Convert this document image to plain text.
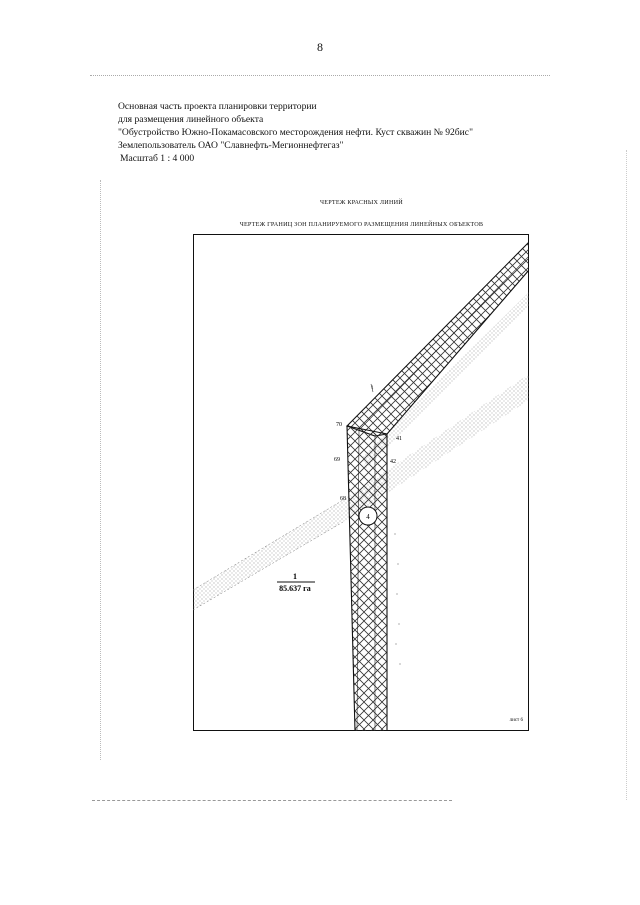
8
Основная часть проекта планировки территории
для размещения линейного объекта
"Обустройство Южно-Покамасовского месторождения нефти. Куст скважин № 92бис"
Землепользователь ОАО "Славнефть-Мегионнефтегаз"
Масштаб 1 : 4 000
ЧЕРТЕЖ КРАСНЫХ ЛИНИЙ
ЧЕРТЕЖ ГРАНИЦ ЗОН ПЛАНИРУЕМОГО РАЗМЕЩЕНИЯ ЛИНЕЙНЫХ ОБЪЕКТОВ
4
70
69
68
41
42
1
1
85.637 га
лист 6
